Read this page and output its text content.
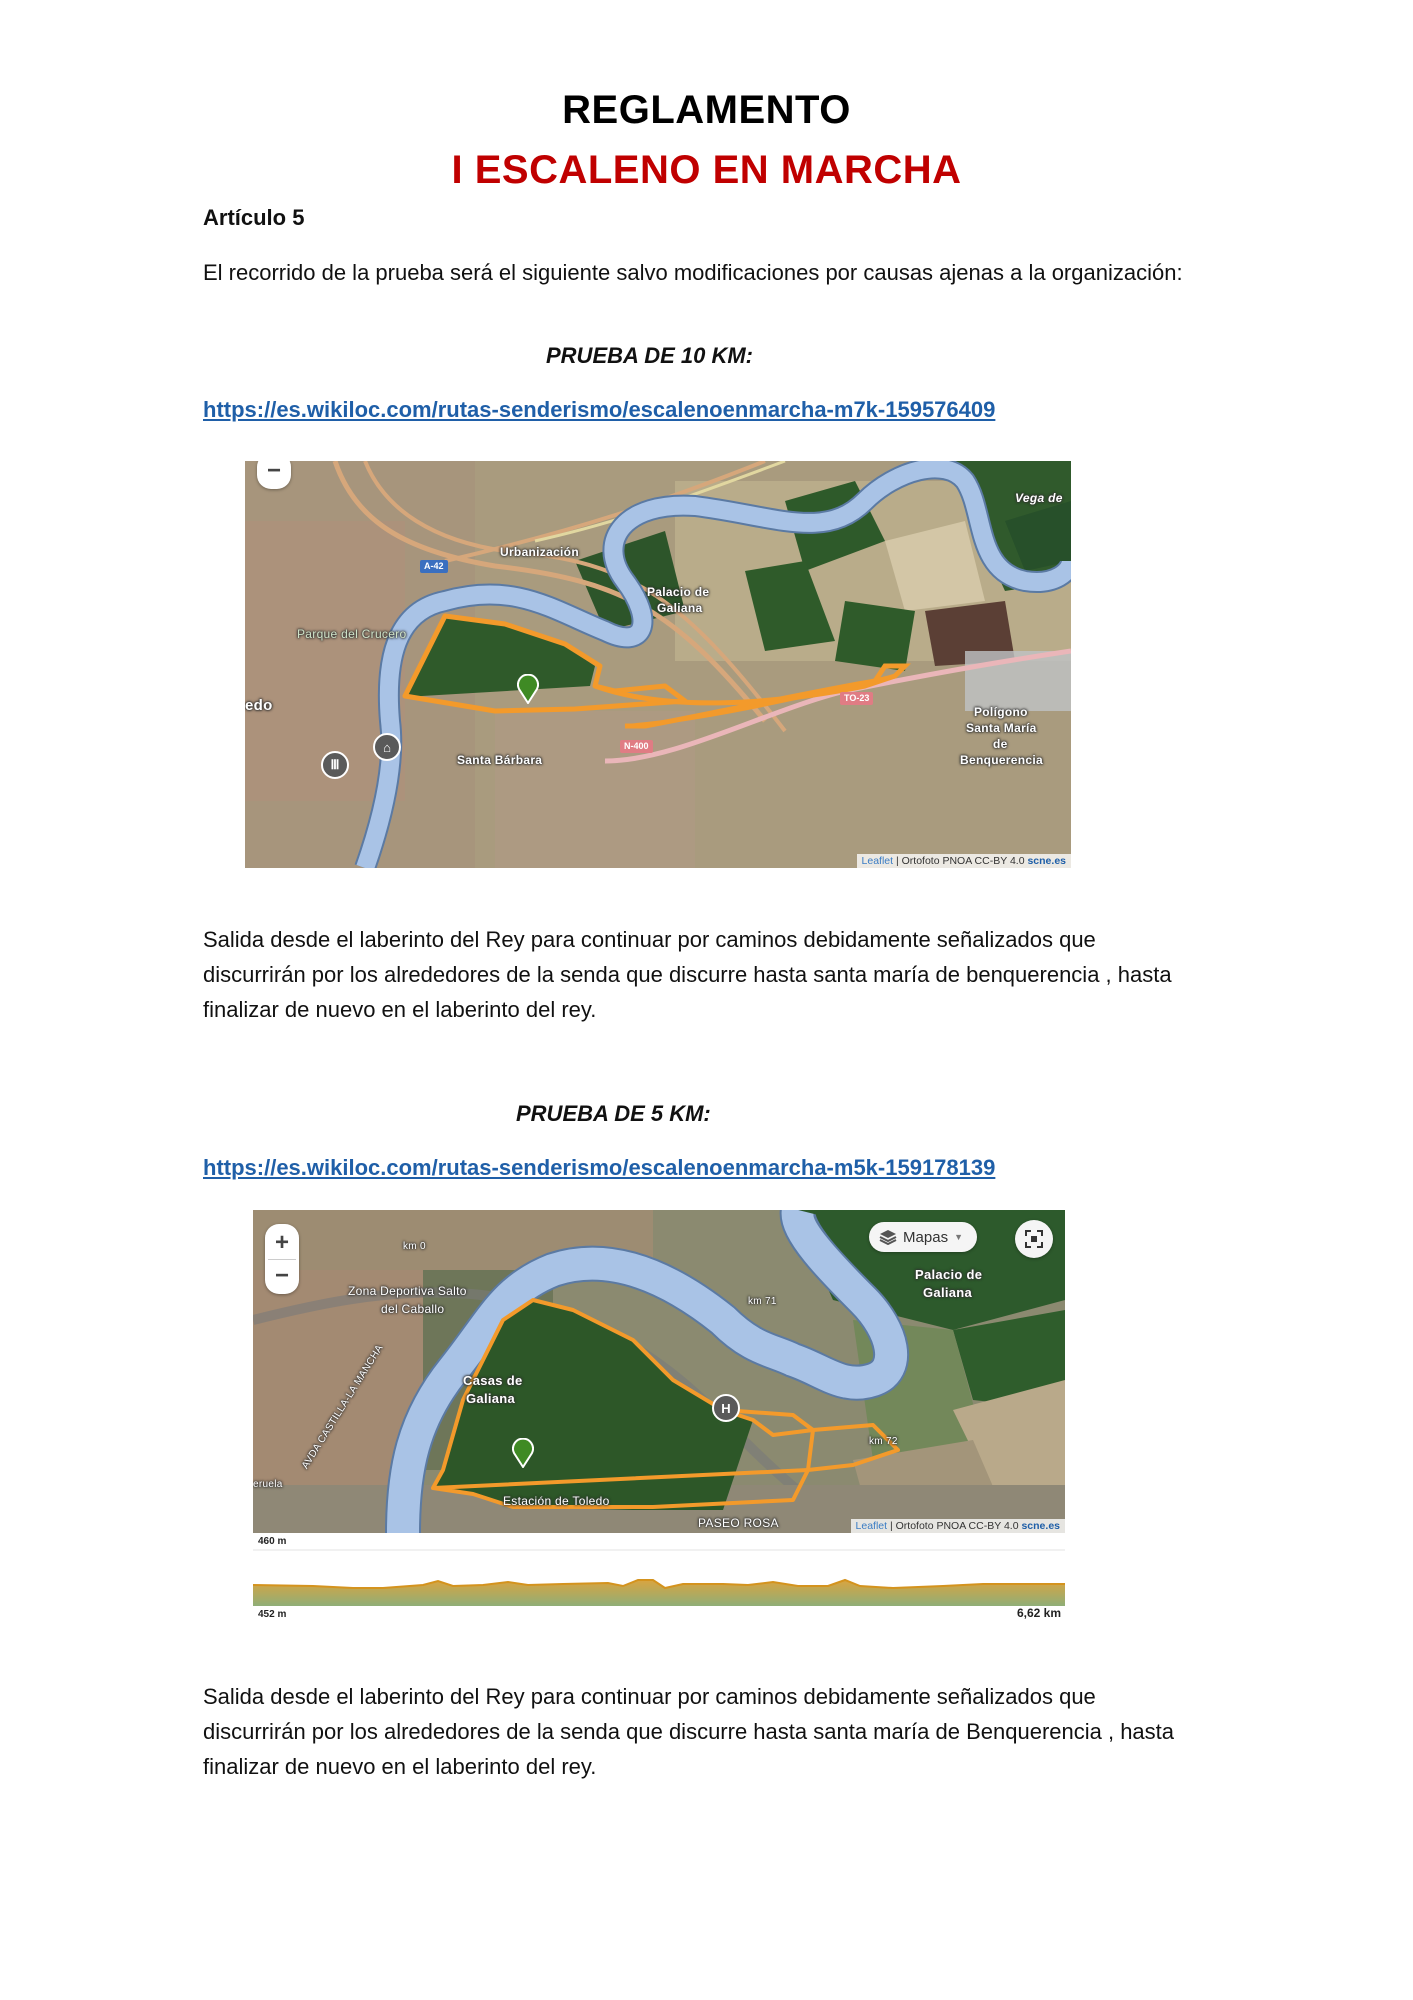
REGLAMENTO
I ESCALENO EN MARCHA
Artículo 5
El recorrido de la prueba será el siguiente salvo modificaciones por causas ajenas a la organización:
PRUEBA DE 10 KM:
https://es.wikiloc.com/rutas-senderismo/escalenoenmarcha-m7k-159576409
⌂
Ⅲ
−
A-42
N-400
TO-23
Urbanización
Palacio de
Galiana
Parque del Crucero
edo
Santa Bárbara
Polígono
Santa María
de
Benquerencia
Vega de
Leaflet | Ortofoto PNOA CC-BY 4.0 scne.es
Salida desde el laberinto del Rey para continuar por caminos debidamente señalizados que discurrirán por los alrededores de la senda que discurre hasta santa maría de benquerencia , hasta finalizar de nuevo en el laberinto del rey.
PRUEBA DE 5 KM:
https://es.wikiloc.com/rutas-senderismo/escalenoenmarcha-m5k-159178139
H
+
−
Mapas ▼
Zona Deportiva Salto
del Caballo
Casas de
Galiana
Palacio de
Galiana
Estación de Toledo
PASEO ROSA
AVDA CASTILLA-LA MANCHA
km 0
km 71
km 72
eruela
Leaflet | Ortofoto PNOA CC-BY 4.0 scne.es
460 m
452 m	6,62 km
Salida desde el laberinto del Rey para continuar por caminos debidamente señalizados que discurrirán por los alrededores de la senda que discurre hasta santa maría de Benquerencia , hasta finalizar de nuevo en el laberinto del rey.
